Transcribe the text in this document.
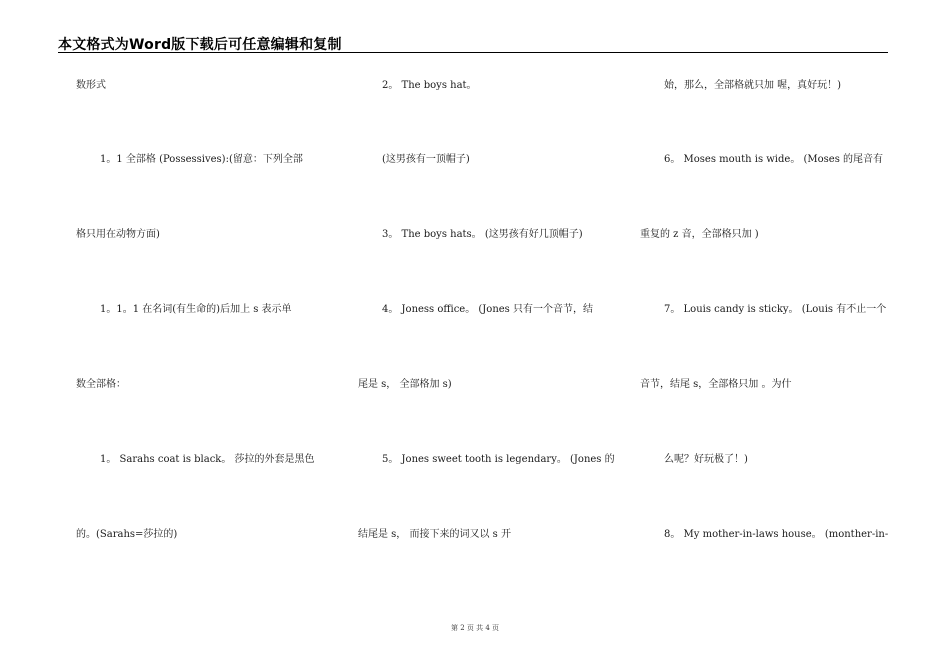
本文格式为Word版下载后可任意编辑和复制
数形式
1。1 全部格 (Possessives):(留意：下列全部
格只用在动物方面)
1。1。1 在名词(有生命的)后加上 s 表示单
数全部格：
1。 Sarahs coat is black。 莎拉的外套是黑色
的。(Sarahs=莎拉的)
2。 The boys hat。
(这男孩有一顶帽子)
3。 The boys hats。 (这男孩有好几顶帽子)
4。 Joness office。 (Jones 只有一个音节，结
尾是 s， 全部格加 s)
5。 Jones sweet tooth is legendary。 (Jones 的
结尾是 s， 而接下来的词又以 s 开
始，那么，全部格就只加 喔，真好玩！)
6。 Moses mouth is wide。 (Moses 的尾音有
重复的 z 音，全部格只加 )
7。 Louis candy is sticky。 (Louis 有不止一个
音节，结尾 s，全部格只加 。为什
么呢？好玩极了！)
8。 My mother-in-laws house。 (monther-in-
第 2 页 共 4 页
